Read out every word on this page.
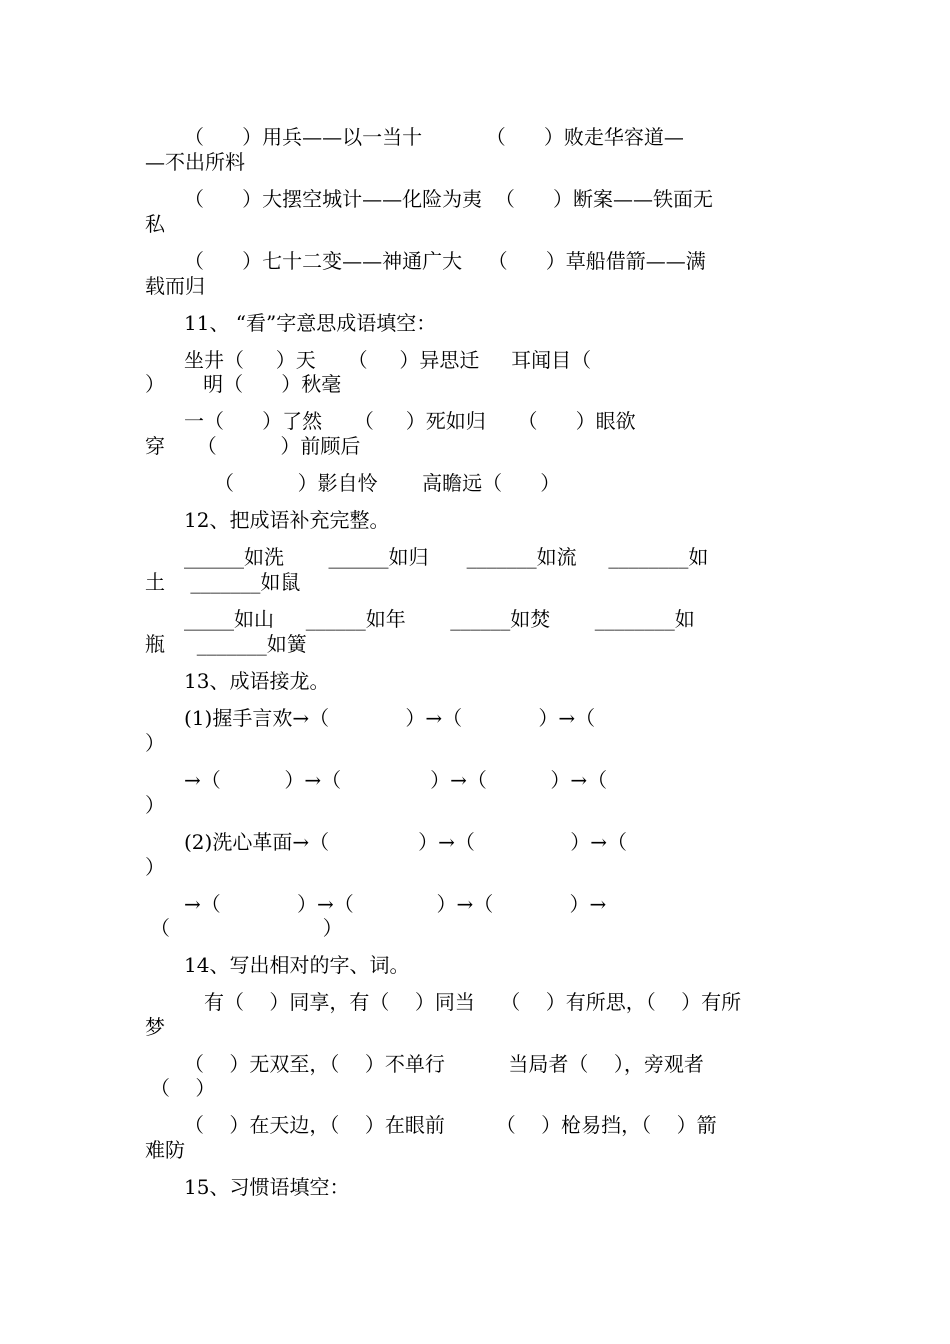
（      ）用兵——以一当十          （      ）败走华容道—
—不出所料
（      ）大摆空城计——化险为夷  （      ）断案——铁面无
私
（      ）七十二变——神通广大    （      ）草船借箭——满
载而归
11、 “看”字意思成语填空：
坐井（     ）天     （     ）异思迁     耳闻目（
）      明（      ）秋毫
一（      ）了然     （     ）死如归     （      ）眼欲
穿     （          ）前顾后
（          ）影自怜       高瞻远（      ）
12、把成语补充完整。
______如洗       ______如归      _______如流     ________如
土    _______如鼠
_____如山     ______如年       ______如焚       ________如
瓶     _______如簧
13、成语接龙。
(1)握手言欢→（            ）→（            ）→（
）
→（          ）→（              ）→（          ）→（
）
(2)洗心革面→（              ）→（               ）→（
）
→（            ）→（             ）→（            ）→
（                        ）
14、写出相对的字、词。
有（    ）同享，有（    ）同当    （    ）有所思，（    ）有所
梦
（    ）无双至，（    ）不单行          当局者（    ），旁观者
（    ）
（    ）在天边，（    ）在眼前        （    ）枪易挡，（    ）箭
难防
15、习惯语填空：
